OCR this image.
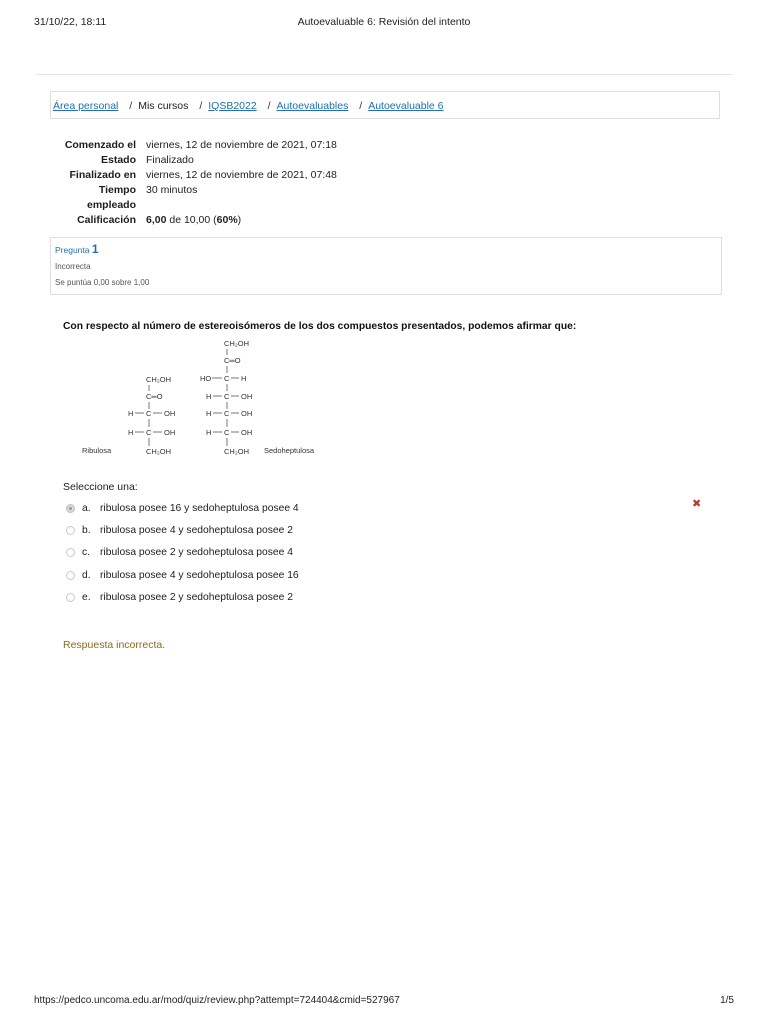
31/10/22, 18:11	Autoevaluable 6: Revisión del intento
Área personal / Mis cursos / IQSB2022 / Autoevaluables / Autoevaluable 6
Comenzado el viernes, 12 de noviembre de 2021, 07:18
Estado Finalizado
Finalizado en viernes, 12 de noviembre de 2021, 07:48
Tiempo
empleado
30 minutos
Calificación 6,00 de 10,00 (60%)
Pregunta 1
Incorrecta
Se puntúa 0,00 sobre 1,00
Con respecto al número de estereoisómeros de los dos compuestos presentados, podemos afirmar que:
CH₂OH
C═O
H C OH
H C OH
CH₂OH
Ribulosa
CH₂OH
C═O
HO C H
H C OH
H C OH
H C OH
CH₂OH Sedoheptulosa
Seleccione una:
a. ribulosa posee 16 y sedoheptulosa posee 4
b. ribulosa posee 4 y sedoheptulosa posee 2
c. ribulosa posee 2 y sedoheptulosa posee 4
d. ribulosa posee 4 y sedoheptulosa posee 16
e. ribulosa posee 2 y sedoheptulosa posee 2
✖
Respuesta incorrecta.
https://pedco.uncoma.edu.ar/mod/quiz/review.php?attempt=724404&cmid=527967	1/5
